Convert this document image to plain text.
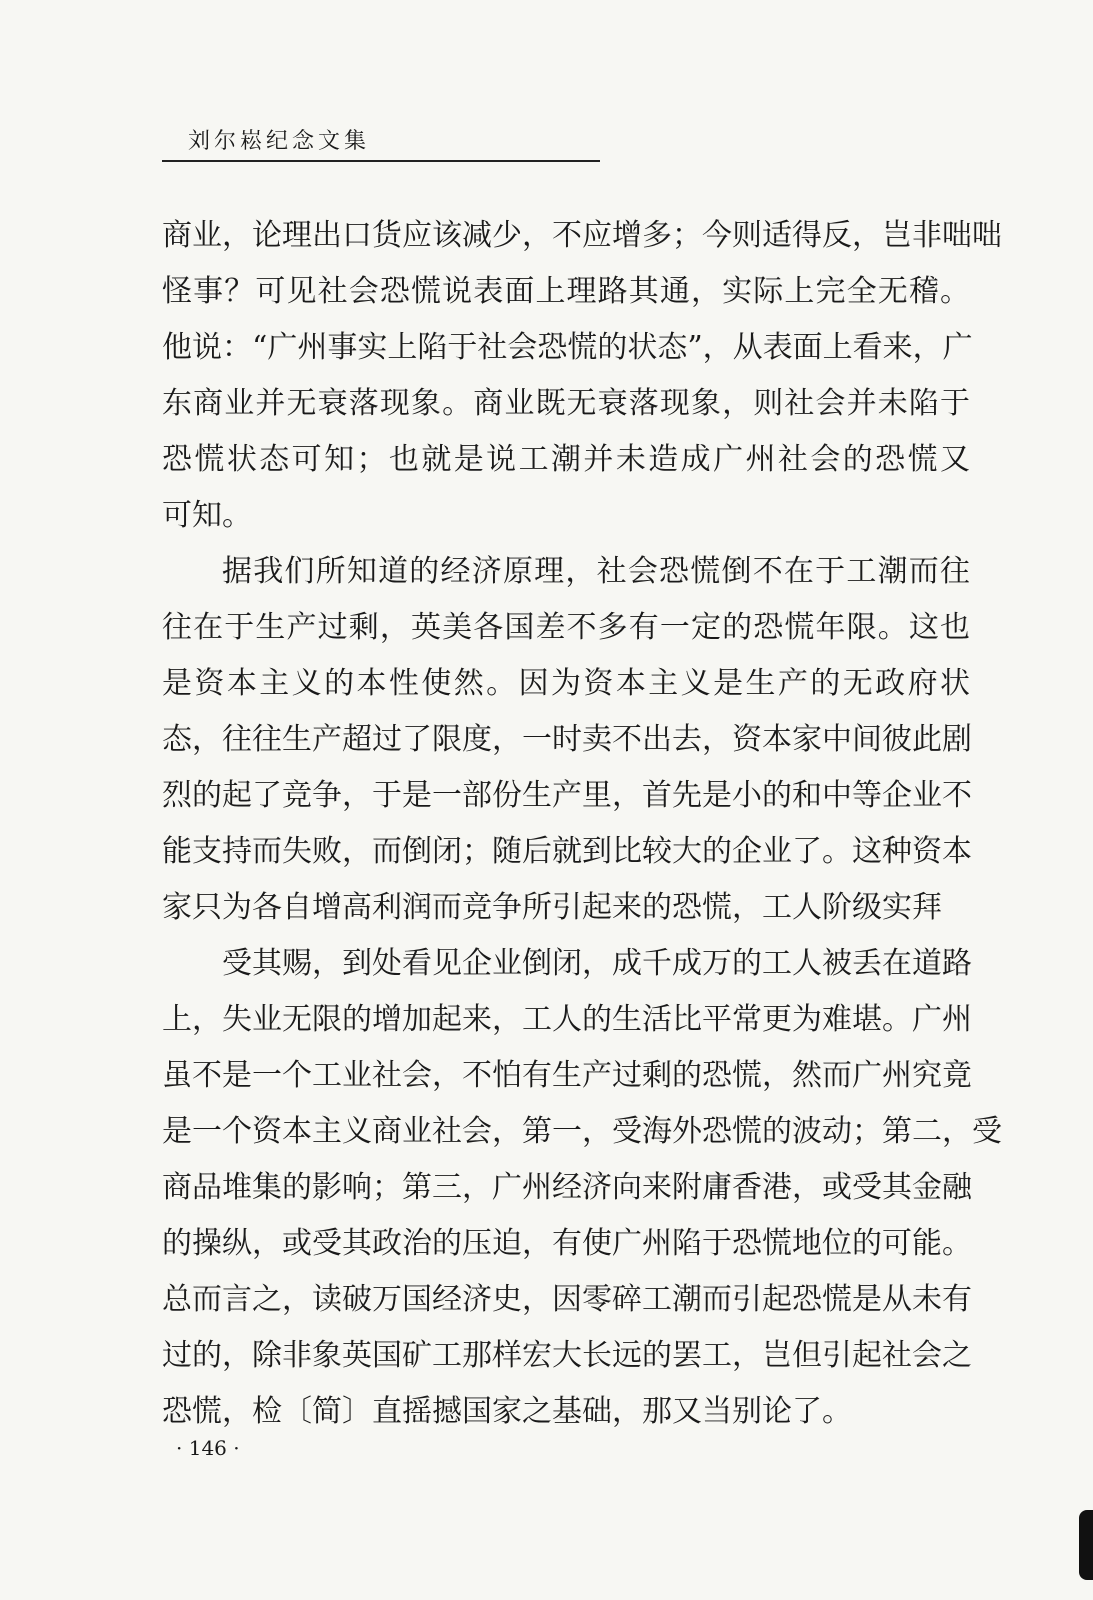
刘尔崧纪念文集
商业，论理出口货应该减少，不应增多；今则适得反，岂非咄咄
怪事？可见社会恐慌说表面上理路其通，实际上完全无稽。
他说：“广州事实上陷于社会恐慌的状态”，从表面上看来，广
东商业并无衰落现象。商业既无衰落现象，则社会并未陷于
恐慌状态可知；也就是说工潮并未造成广州社会的恐慌又
可知。
据我们所知道的经济原理，社会恐慌倒不在于工潮而往
往在于生产过剩，英美各国差不多有一定的恐慌年限。这也
是资本主义的本性使然。因为资本主义是生产的无政府状
态，往往生产超过了限度，一时卖不出去，资本家中间彼此剧
烈的起了竞争，于是一部份生产里，首先是小的和中等企业不
能支持而失败，而倒闭；随后就到比较大的企业了。这种资本
家只为各自增高利润而竞争所引起来的恐慌，工人阶级实拜
受其赐，到处看见企业倒闭，成千成万的工人被丢在道路
上，失业无限的增加起来，工人的生活比平常更为难堪。广州
虽不是一个工业社会，不怕有生产过剩的恐慌，然而广州究竟
是一个资本主义商业社会，第一，受海外恐慌的波动；第二，受
商品堆集的影响；第三，广州经济向来附庸香港，或受其金融
的操纵，或受其政治的压迫，有使广州陷于恐慌地位的可能。
总而言之，读破万国经济史，因零碎工潮而引起恐慌是从未有
过的，除非象英国矿工那样宏大长远的罢工，岂但引起社会之
恐慌，检〔简〕直摇撼国家之基础，那又当别论了。
· 146 ·
